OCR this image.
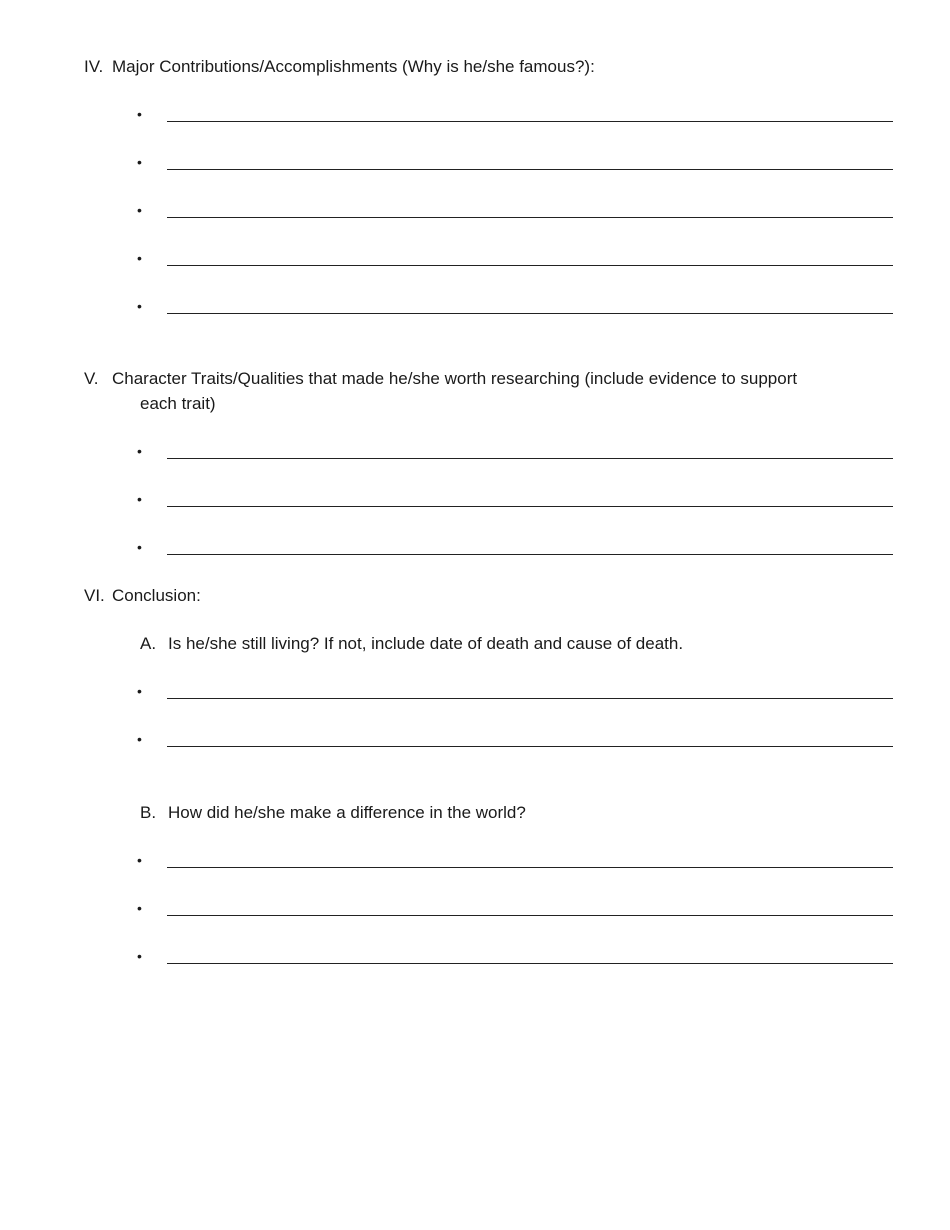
IV. Major Contributions/Accomplishments (Why is he/she famous?):
•
•
•
•
•
V. Character Traits/Qualities that made he/she worth researching (include evidence to support
each trait)
•
•
•
VI. Conclusion:
A. Is he/she still living? If not, include date of death and cause of death.
•
•
B. How did he/she make a difference in the world?
•
•
•
